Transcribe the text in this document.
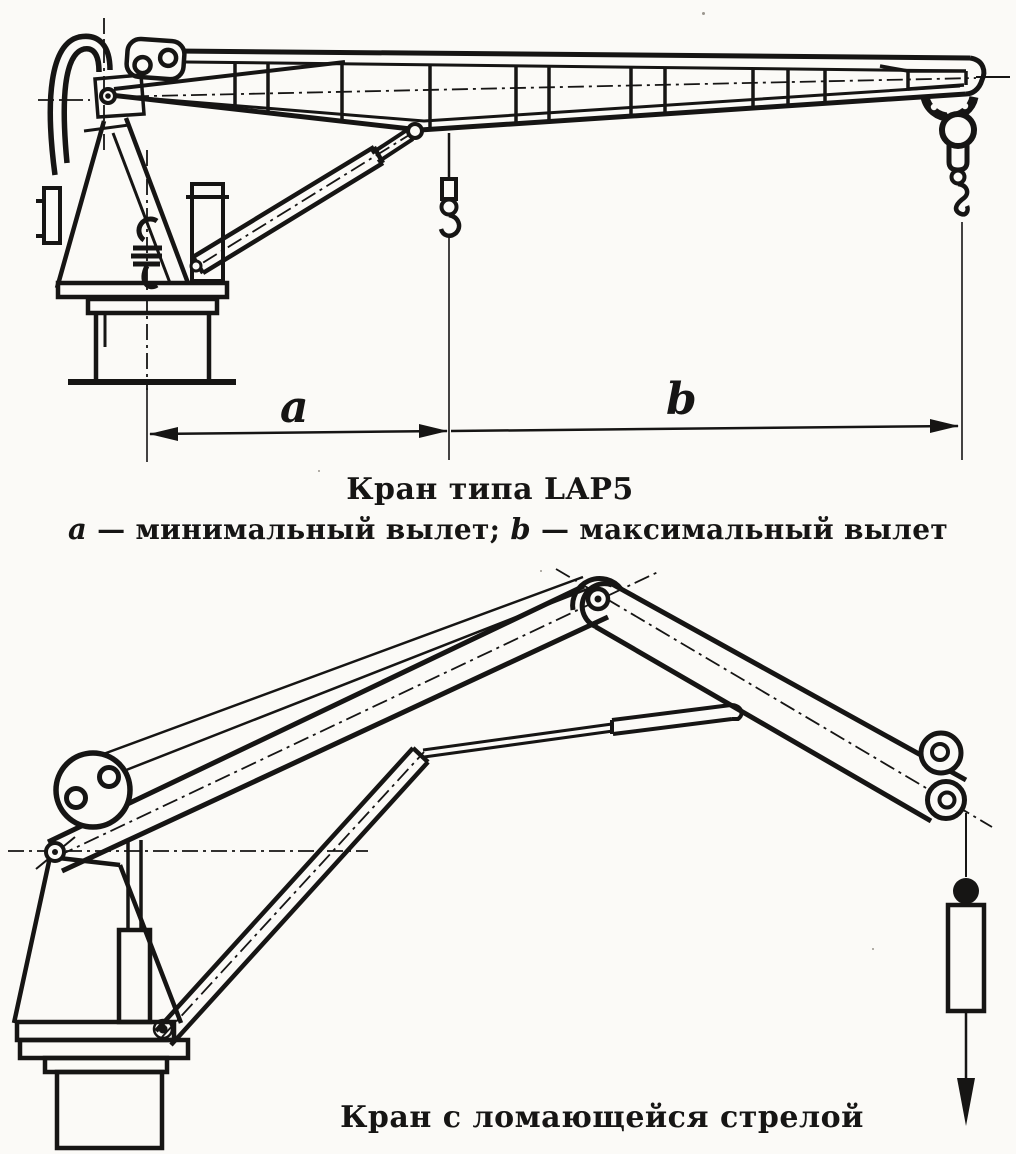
a	b
Кран типа LAP5
a — минимальный вылет; b — максимальный вылет
Кран с ломающейся стрелой
